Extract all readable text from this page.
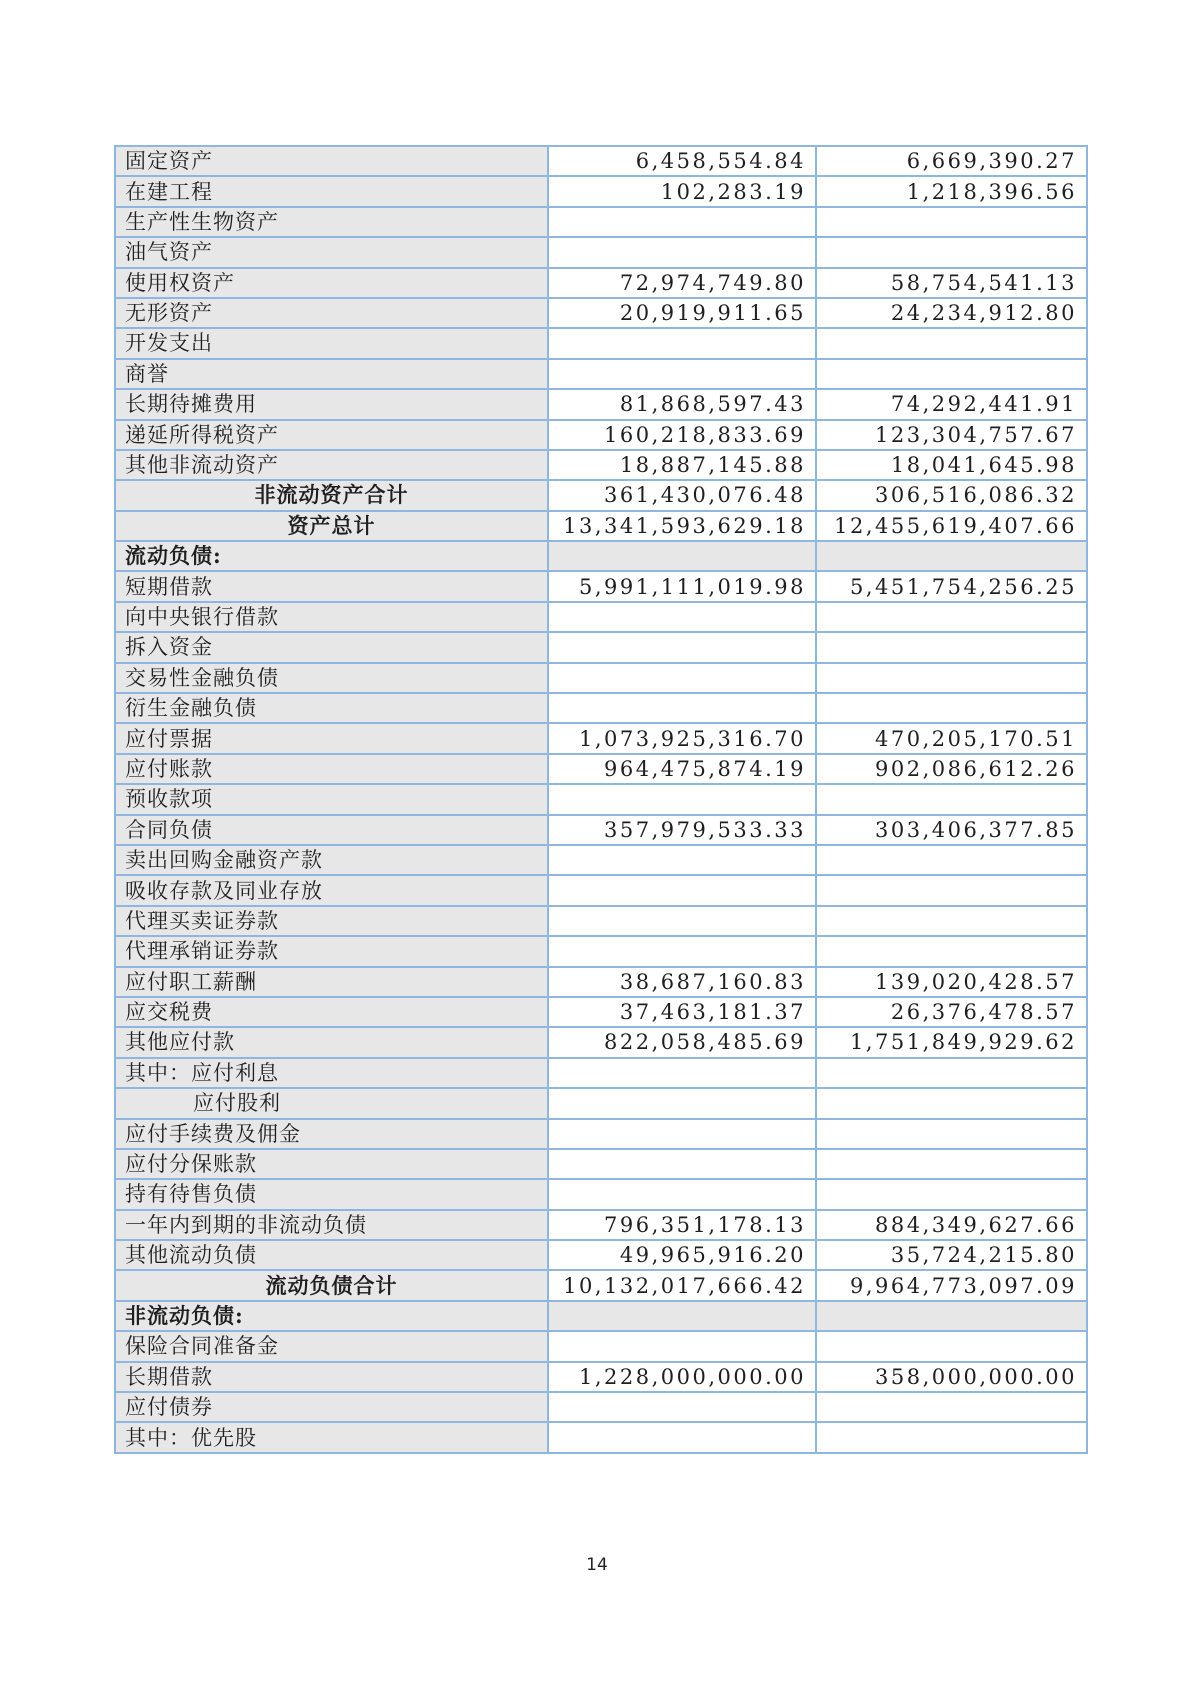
固定资产	6,458,554.84	6,669,390.27
在建工程	102,283.19	1,218,396.56
生产性生物资产		
油气资产		
使用权资产	72,974,749.80	58,754,541.13
无形资产	20,919,911.65	24,234,912.80
开发支出		
商誉		
长期待摊费用	81,868,597.43	74,292,441.91
递延所得税资产	160,218,833.69	123,304,757.67
其他非流动资产	18,887,145.88	18,041,645.98
非流动资产合计	361,430,076.48	306,516,086.32
资产总计	13,341,593,629.18	12,455,619,407.66
流动负债:		
短期借款	5,991,111,019.98	5,451,754,256.25
向中央银行借款		
拆入资金		
交易性金融负债		
衍生金融负债		
应付票据	1,073,925,316.70	470,205,170.51
应付账款	964,475,874.19	902,086,612.26
预收款项		
合同负债	357,979,533.33	303,406,377.85
卖出回购金融资产款		
吸收存款及同业存放		
代理买卖证券款		
代理承销证券款		
应付职工薪酬	38,687,160.83	139,020,428.57
应交税费	37,463,181.37	26,376,478.57
其他应付款	822,058,485.69	1,751,849,929.62
其中：应付利息		
应付股利		
应付手续费及佣金		
应付分保账款		
持有待售负债		
一年内到期的非流动负债	796,351,178.13	884,349,627.66
其他流动负债	49,965,916.20	35,724,215.80
流动负债合计	10,132,017,666.42	9,964,773,097.09
非流动负债:		
保险合同准备金		
长期借款	1,228,000,000.00	358,000,000.00
应付债券		
其中：优先股		
14
